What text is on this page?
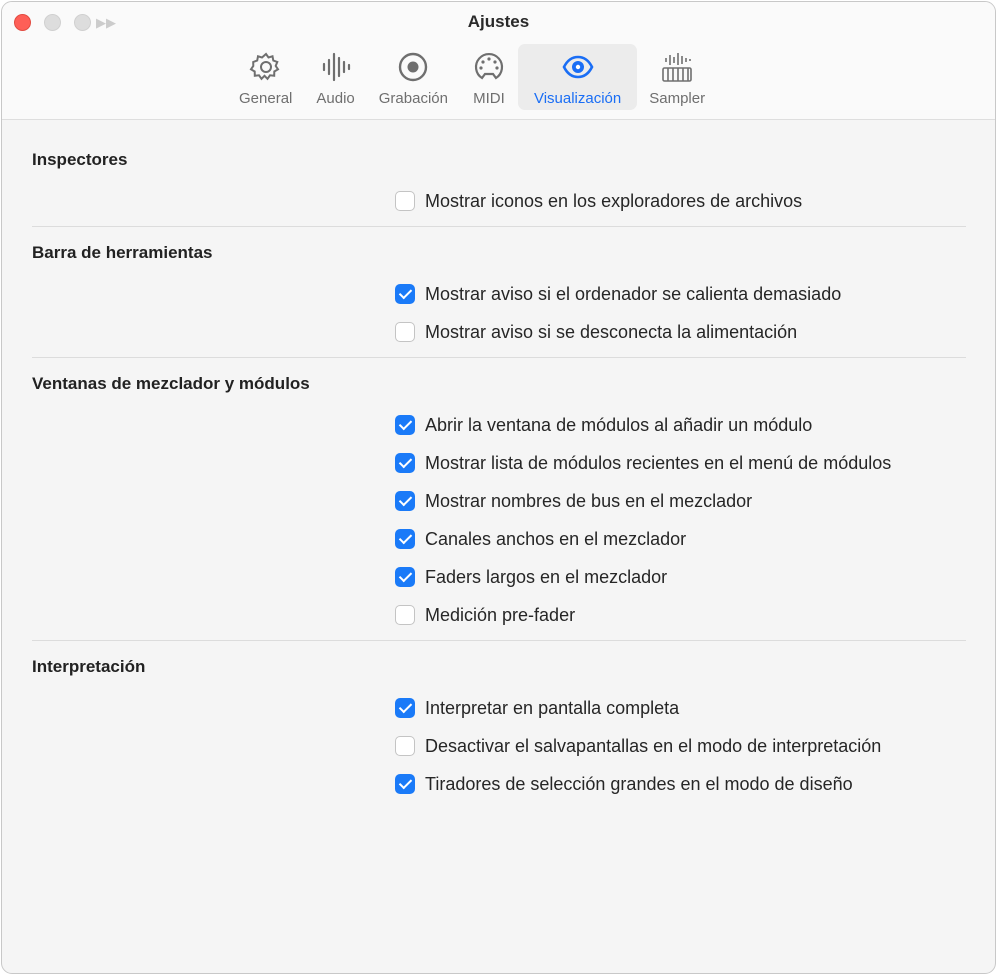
▶▶	Ajustes
General Audio Grabación MIDI Visualización Sampler
Inspectores
Mostrar iconos en los exploradores de archivos
Barra de herramientas
Mostrar aviso si el ordenador se calienta demasiado
Mostrar aviso si se desconecta la alimentación
Ventanas de mezclador y módulos
Abrir la ventana de módulos al añadir un módulo
Mostrar lista de módulos recientes en el menú de módulos
Mostrar nombres de bus en el mezclador
Canales anchos en el mezclador
Faders largos en el mezclador
Medición pre-fader
Interpretación
Interpretar en pantalla completa
Desactivar el salvapantallas en el modo de interpretación
Tiradores de selección grandes en el modo de diseño
